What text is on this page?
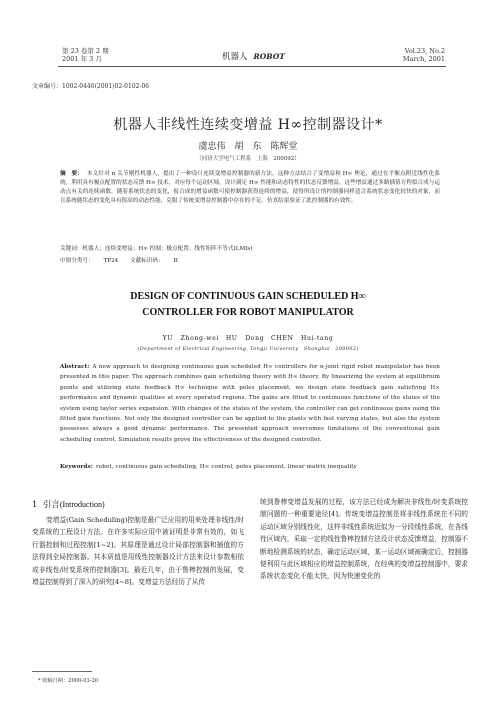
第 23 卷第 2 期
2001 年 3 月	机器人 ROBOT
Vol.23, No.2
March, 2001
文章编号：1002-0446(2001)02-0102-06
机器人非线性连续变增益 H∞控制器设计*
虞忠伟　胡　东　陈辉堂
（同济大学电气工程系　上海　200092）
摘　要： 本文针对 n 关节刚性机器人，提出了一种设计连续变增益控制器的新方法。这种方法结合了变增益和 H∞ 理论，通过在平衡点附近线性化系统，利用具有极点配置的状态反馈 H∞ 技术，对应每个运动区域，设计满足 H∞ 性能和动态特性的状态反馈增益，这些增益通过多路插值方程拟合成与运动点有关的连续函数。随着系统状态的变化，报合成的增益函数可使控制器获得连续的增益，使得所设计的控制器同样适合系统状态变化较快的对象，而且系统随状态的变化具有很高的动态性能，克服了传统变增益控制器中存在的不足。仿真结果验证了此控制器的有效性。
关键词：机器人；连续变增益；H∞ 控制；极点配置；线性矩阵不等式(LMIs)
中图分类号： TP24 文献标识码： B
DESIGN OF CONTINUOUS GAIN SCHEDULED H∞
CONTROLLER FOR ROBOT MANIPULATOR
YU Zhong-wei　HU Dong　CHEN Hui-tang
(Department of Electrical Engineering, Tongji University　Shanghai　200092)
Abstract: A new approach to designing continuous gain scheduled H∞ controllers for n-joint rigid robot manipulator has been presented in this paper. The approach combines gain scheduling theory with H∞ theory. By linearizing the system at equilibrium points and utilizing state feedback H∞ technique with poles placement, we design state feedback gain satisfying H∞ performance and dynamic qualities at every operated regions. The gains are fitted to continuous functions of the states of the system using taylor series expansion. With changes of the states of the system, the controller can get continuous gains using the fitted gain functions. Not only the designed controller can be applied to the plants with fast varying states, but also the system possesses always a good dynamic performance. The presented approach overcomes limitations of the conventional gain scheduling control. Simulation results prove the effectiveness of the designed controller.
Keywords: robot, continuous gain scheduling, H∞ control, poles placement, linear matrix inequality
1 引言(Introduction)
变增益(Gain Scheduling)控制是最广泛应用的用来处理非线性/时变系统的工程设计方法。在许多实际应用中被证明是非常有效的，如飞行器控制和过程控制[1~2]。其原理是通过设计局部控制器和插值的方法得到全局控制器。其本质值是用线性控制器设计方法来设计参数相依或非线性/时变系统的控制器[3]。最近几年，由于鲁棒控制的发展，变增益控制得到了深入的研究[4~8]。变增益方法经历了从传
统到鲁棒变增益发展的过程，该方法已经成为解决非线性/时变系统控制问题的一种重要途径[4]。传统变增益控制是将非线性系统在不同的运动区域分别线性化，这样非线性系统近似为一分段线性系统，在各线性区域内，采取一定的线性鲁棒控制方法设计状态反馈增益，控制器不断地检测系统的状态，确定运动区域，某一运动区域被确定后，控制器便利用与此区域相应的增益控制系统，在经典的变增益控制器中，要求系统状态变化不能太快，因为快速变化的
* 收稿日期：2000-03-20
